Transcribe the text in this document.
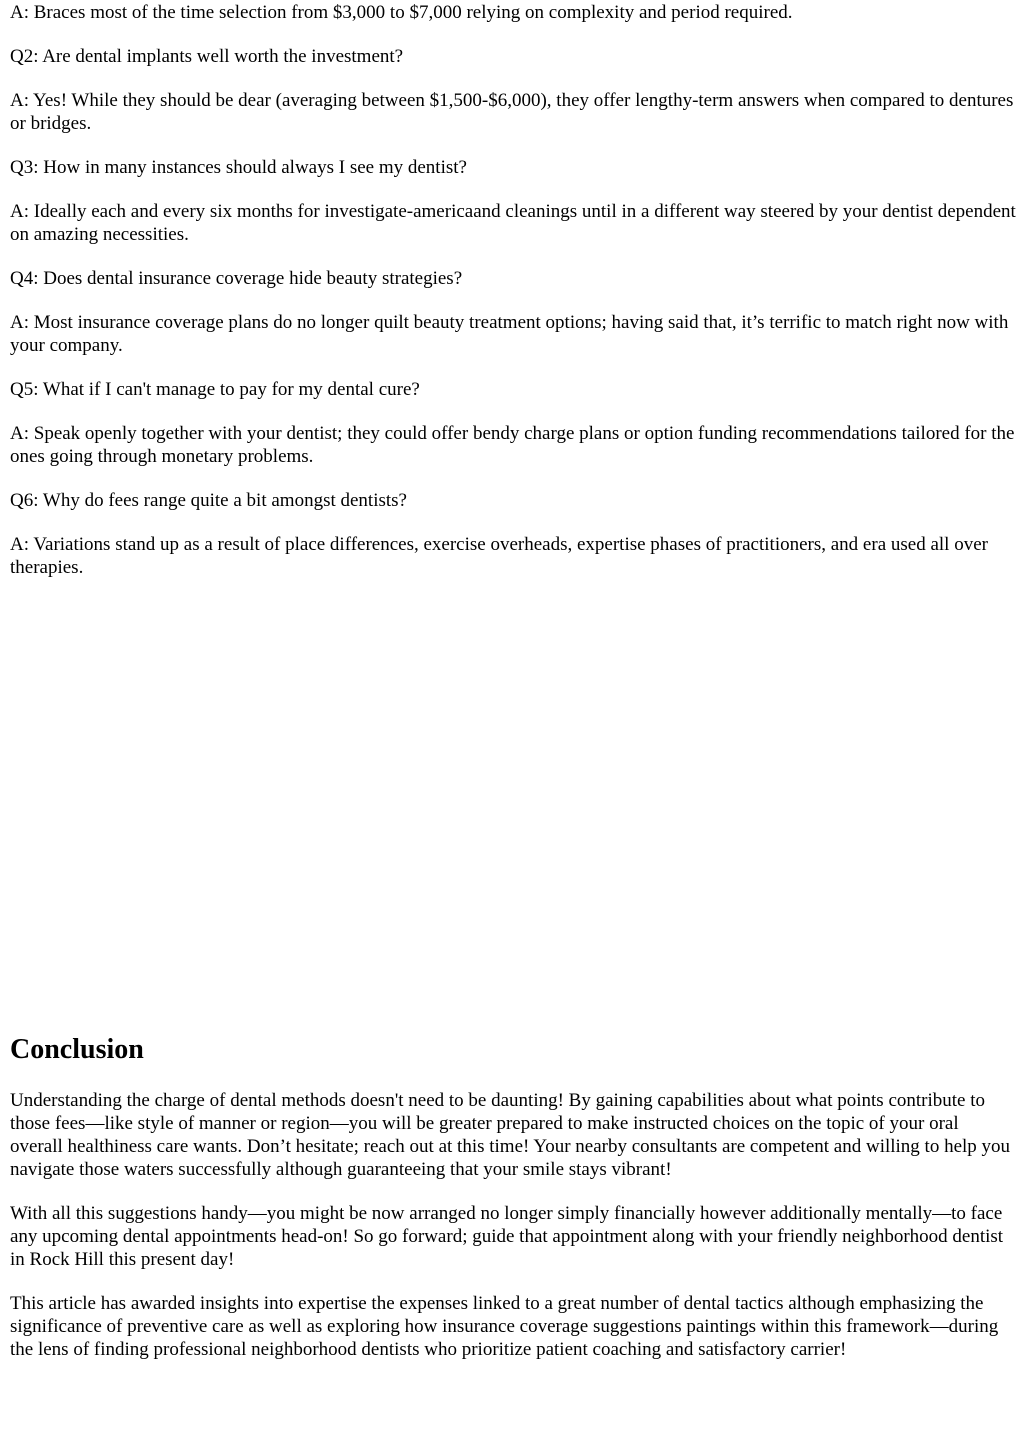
A: Braces most of the time selection from $3,000 to $7,000 relying on complexity and period required.

Q2: Are dental implants well worth the investment?

A: Yes! While they should be dear (averaging between $1,500-$6,000), they offer lengthy-term answers when compared to dentures or bridges.

Q3: How in many instances should always I see my dentist?

A: Ideally each and every six months for investigate-americaand cleanings until in a different way steered by your dentist dependent on amazing necessities.

Q4: Does dental insurance coverage hide beauty strategies?

A: Most insurance coverage plans do no longer quilt beauty treatment options; having said that, it’s terrific to match right now with your company.

Q5: What if I can't manage to pay for my dental cure?

A: Speak openly together with your dentist; they could offer bendy charge plans or option funding recommendations tailored for the ones going through monetary problems.

Q6: Why do fees range quite a bit amongst dentists?

A: Variations stand up as a result of place differences, exercise overheads, expertise phases of practitioners, and era used all over therapies.

Conclusion

Understanding the charge of dental methods doesn't need to be daunting! By gaining capabilities about what points contribute to those fees—like style of manner or region—you will be greater prepared to make instructed choices on the topic of your oral overall healthiness care wants. Don’t hesitate; reach out at this time! Your nearby consultants are competent and willing to help you navigate those waters successfully although guaranteeing that your smile stays vibrant!

With all this suggestions handy—you might be now arranged no longer simply financially however additionally mentally—to face any upcoming dental appointments head-on! So go forward; guide that appointment along with your friendly neighborhood dentist in Rock Hill this present day!

This article has awarded insights into expertise the expenses linked to a great number of dental tactics although emphasizing the significance of preventive care as well as exploring how insurance coverage suggestions paintings within this framework—during the lens of finding professional neighborhood dentists who prioritize patient coaching and satisfactory carrier!
